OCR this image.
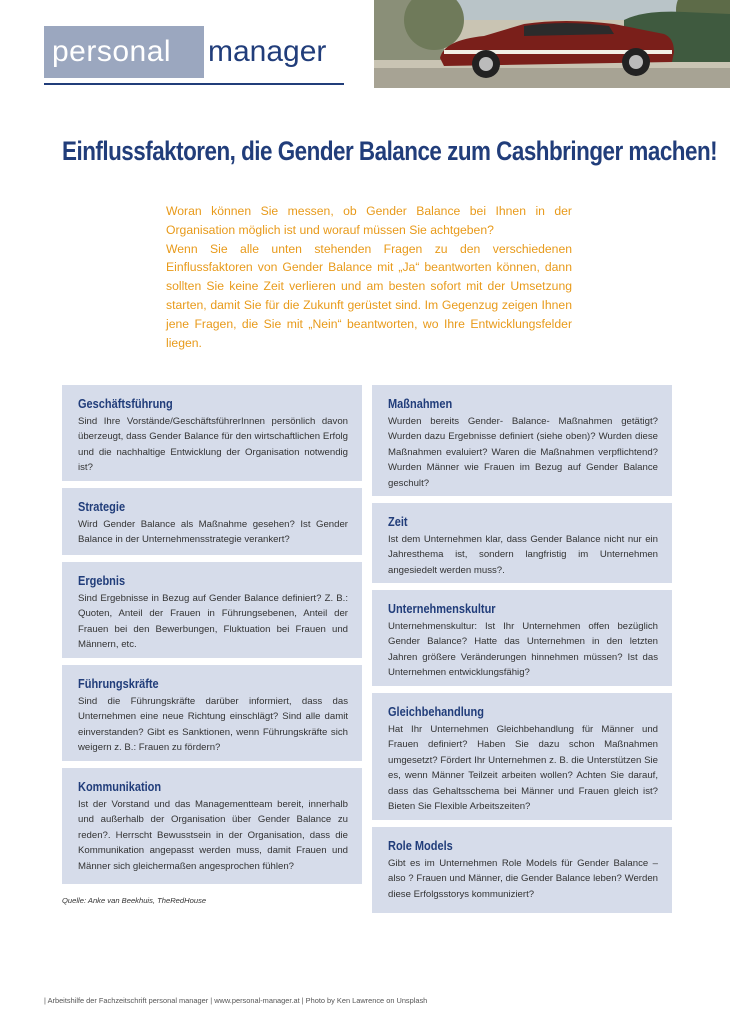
personal	manager
Einflussfaktoren, die Gender Balance zum Cashbringer machen!

Woran können Sie messen, ob Gender Balance bei Ihnen in der Organisation möglich ist und worauf müssen Sie achtgeben?

Wenn Sie alle unten stehenden Fragen zu den verschiedenen Einflussfaktoren von Gender Balance mit „Ja“ beantworten können, dann sollten Sie keine Zeit verlieren und am besten sofort mit der Umsetzung starten, damit Sie für die Zukunft gerüstet sind. Im Gegenzug zeigen Ihnen jene Fragen, die Sie mit „Nein“ beantworten, wo Ihre Entwicklungsfelder liegen.

Geschäftsführung

Sind Ihre Vorstände/GeschäftsführerInnen persönlich davon überzeugt, dass Gender Balance für den wirtschaftlichen Erfolg und die nachhaltige Entwicklung der Organisation notwendig ist?

Strategie

Wird Gender Balance als Maßnahme gesehen? Ist Gender Balance in der Unternehmensstrategie verankert?

Ergebnis

Sind Ergebnisse in Bezug auf Gender Balance definiert? Z. B.: Quoten, Anteil der Frauen in Führungsebenen, Anteil der Frauen bei den Bewerbungen, Fluktuation bei Frauen und Männern, etc.

Führungskräfte

Sind die Führungskräfte darüber informiert, dass das Unternehmen eine neue Richtung einschlägt? Sind alle damit einverstanden? Gibt es Sanktionen, wenn Führungskräfte sich weigern z. B.: Frauen zu fördern?

Kommunikation

Ist der Vorstand und das Managementteam bereit, innerhalb und außerhalb der Organisation über Gender Balance zu reden?. Herrscht Bewusstsein in der Organisation, dass die Kommunikation angepasst werden muss, damit Frauen und Männer sich gleichermaßen angesprochen fühlen?

Maßnahmen

Wurden bereits Gender- Balance- Maßnahmen getätigt? Wurden dazu Ergebnisse definiert (siehe oben)? Wurden diese Maßnahmen evaluiert? Waren die Maßnahmen verpflichtend? Wurden Männer wie Frauen im Bezug auf Gender Balance geschult?

Zeit

Ist dem Unternehmen klar, dass Gender Balance nicht nur ein Jahresthema ist, sondern langfristig im Unternehmen angesiedelt werden muss?.

Unternehmenskultur

Unternehmenskultur: Ist Ihr Unternehmen offen bezüglich Gender Balance? Hatte das Unternehmen in den letzten Jahren größere Veränderungen hinnehmen müssen? Ist das Unternehmen entwicklungsfähig?

Gleichbehandlung

Hat Ihr Unternehmen Gleichbehandlung für Männer und Frauen definiert? Haben Sie dazu schon Maßnahmen umgesetzt? Fördert Ihr Unternehmen z. B. die Unterstützen Sie es, wenn Männer Teilzeit arbeiten wollen? Achten Sie darauf, dass das Gehaltsschema bei Männer und Frauen gleich ist? Bieten Sie Flexible Arbeitszeiten?

Role Models

Gibt es im Unternehmen Role Models für Gender Balance – also ? Frauen und Männer, die Gender Balance leben? Werden diese Erfolgsstorys kommuniziert?

Quelle: Anke van Beekhuis, TheRedHouse
| Arbeitshilfe der Fachzeitschrift personal manager | www.personal-manager.at | Photo by Ken Lawrence on Unsplash
